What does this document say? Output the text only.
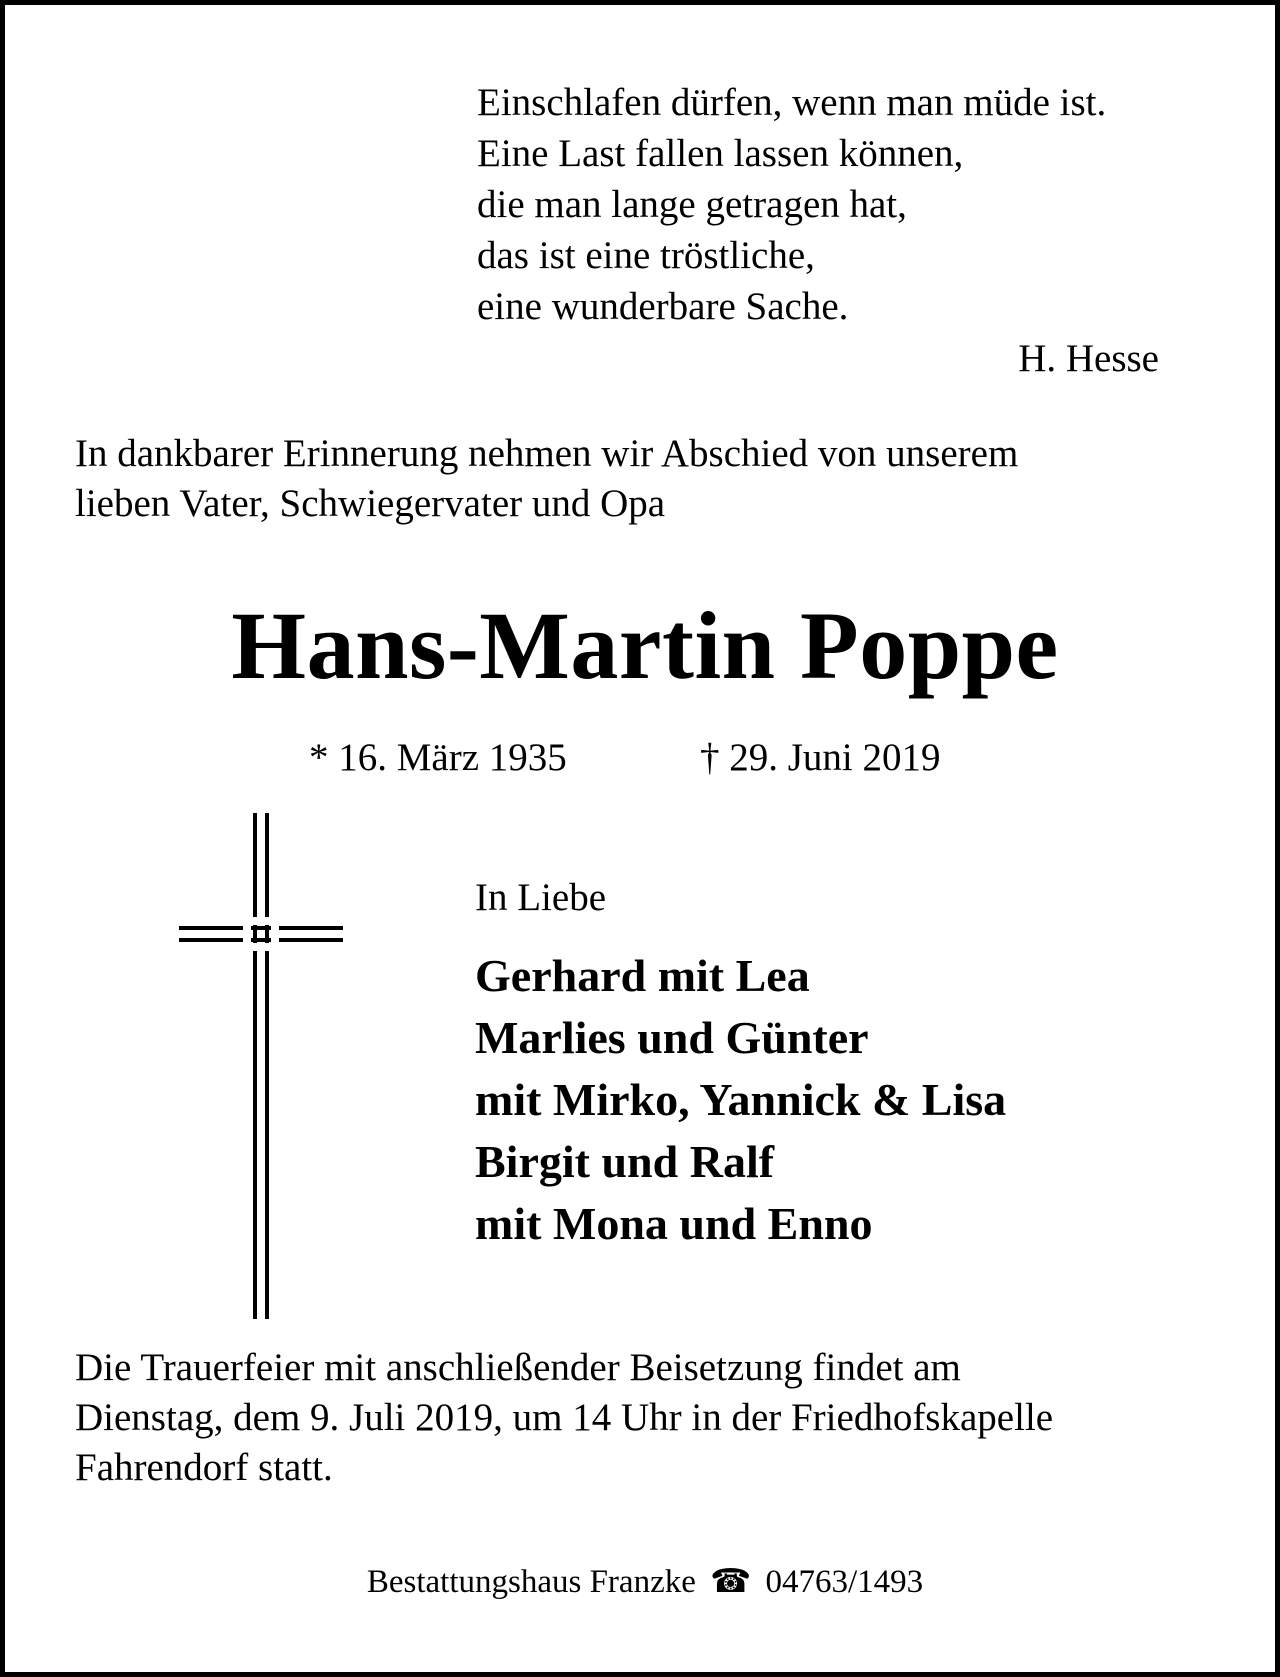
Einschlafen dürfen, wenn man müde ist.
Eine Last fallen lassen können,
die man lange getragen hat,
das ist eine tröstliche,
eine wunderbare Sache.
H. Hesse
In dankbarer Erinnerung nehmen wir Abschied von unserem
lieben Vater, Schwiegervater und Opa
Hans-Martin Poppe
* 16. März 1935	† 29. Juni 2019
In Liebe
Gerhard mit Lea
Marlies und Günter
mit Mirko, Yannick & Lisa
Birgit und Ralf
mit Mona und Enno
Die Trauerfeier mit anschließender Beisetzung findet am
Dienstag, dem 9. Juli 2019, um 14 Uhr in der Friedhofskapelle
Fahrendorf statt.
Bestattungshaus Franzke ☎ 04763/1493
